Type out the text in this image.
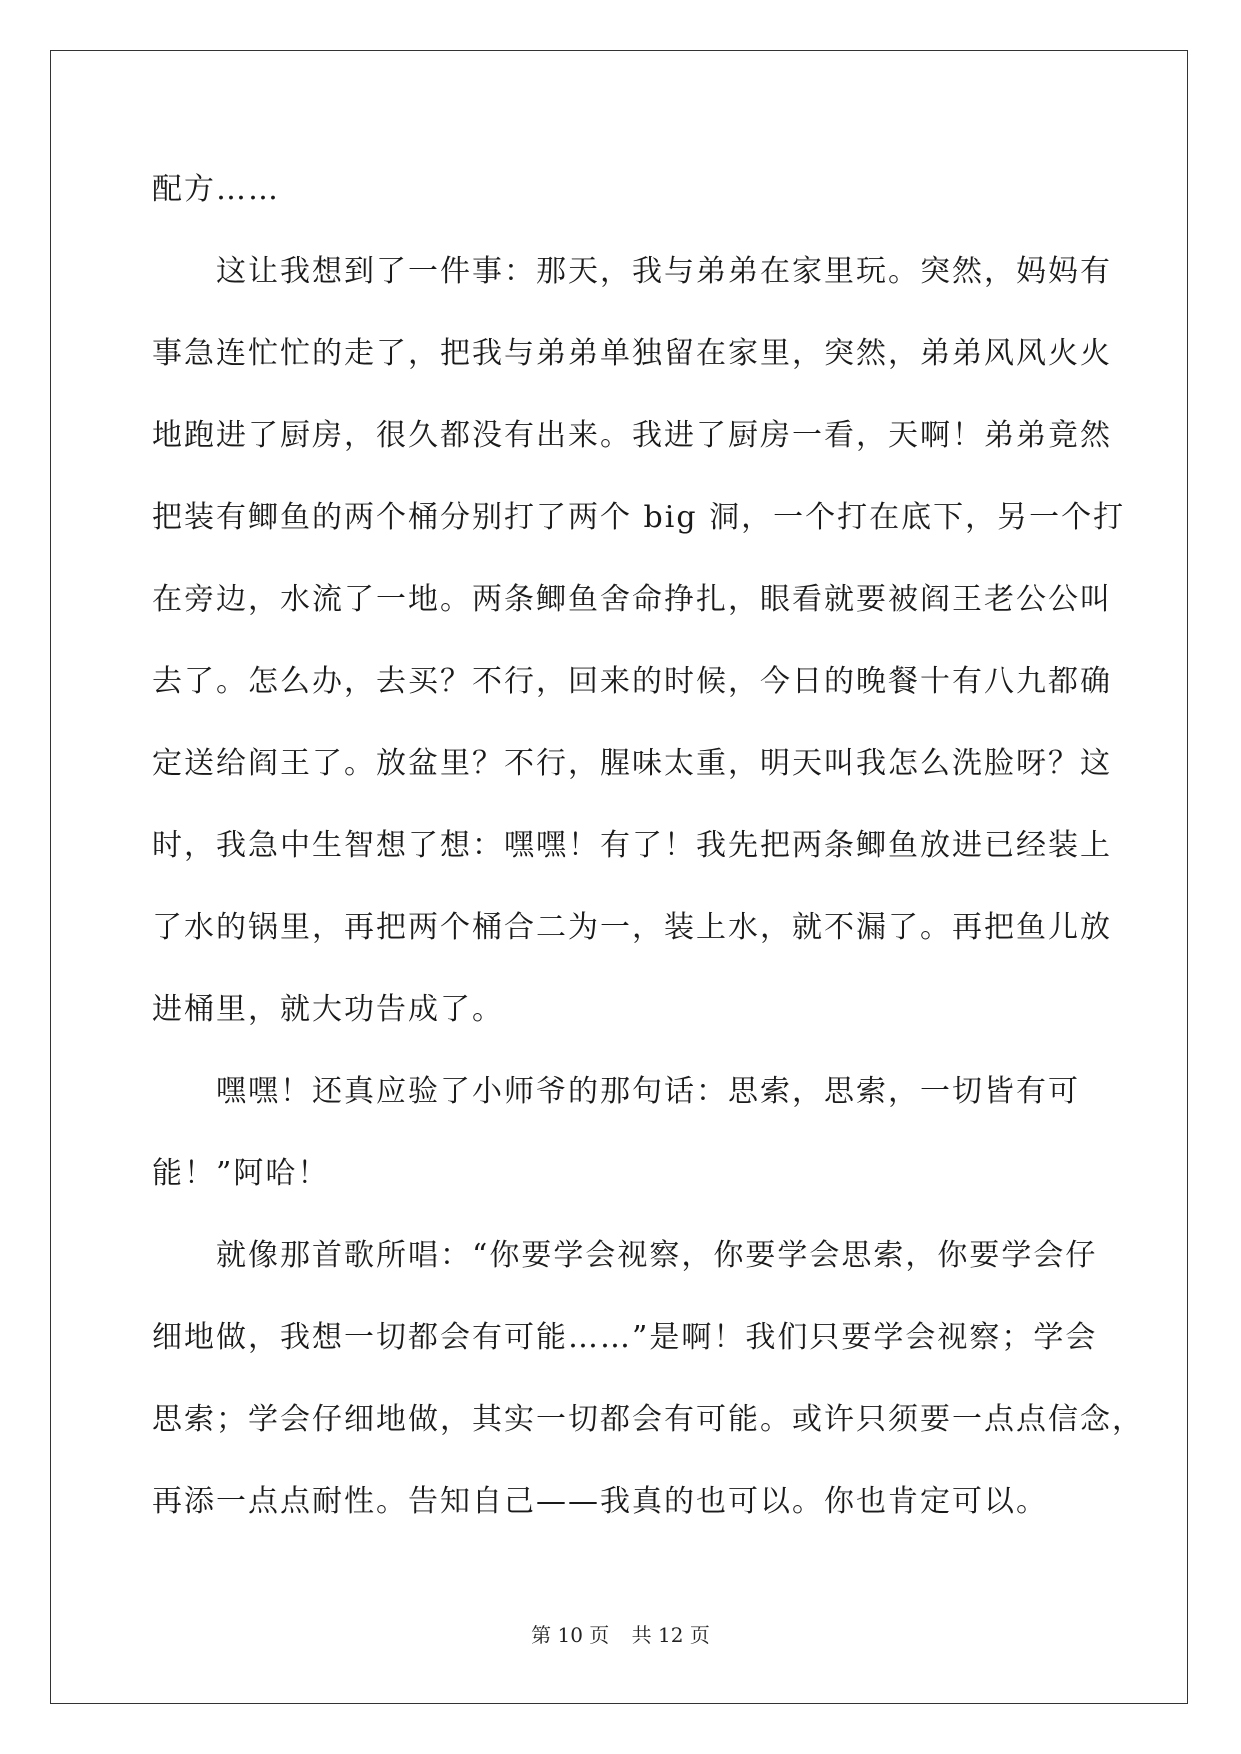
配方……
　　这让我想到了一件事：那天，我与弟弟在家里玩。突然，妈妈有
事急连忙忙的走了，把我与弟弟单独留在家里，突然，弟弟风风火火
地跑进了厨房，很久都没有出来。我进了厨房一看，天啊！弟弟竟然
把装有鲫鱼的两个桶分别打了两个 big 洞，一个打在底下，另一个打
在旁边，水流了一地。两条鲫鱼舍命挣扎，眼看就要被阎王老公公叫
去了。怎么办，去买？不行，回来的时候，今日的晚餐十有八九都确
定送给阎王了。放盆里？不行，腥味太重，明天叫我怎么洗脸呀？这
时，我急中生智想了想：嘿嘿！有了！我先把两条鲫鱼放进已经装上
了水的锅里，再把两个桶合二为一，装上水，就不漏了。再把鱼儿放
进桶里，就大功告成了。
　　嘿嘿！还真应验了小师爷的那句话：思索，思索，一切皆有可
能！”阿哈！
　　就像那首歌所唱：“你要学会视察，你要学会思索，你要学会仔
细地做，我想一切都会有可能……”是啊！我们只要学会视察；学会
思索；学会仔细地做，其实一切都会有可能。或许只须要一点点信念，
再添一点点耐性。告知自己——我真的也可以。你也肯定可以。
第 10 页 共 12 页
